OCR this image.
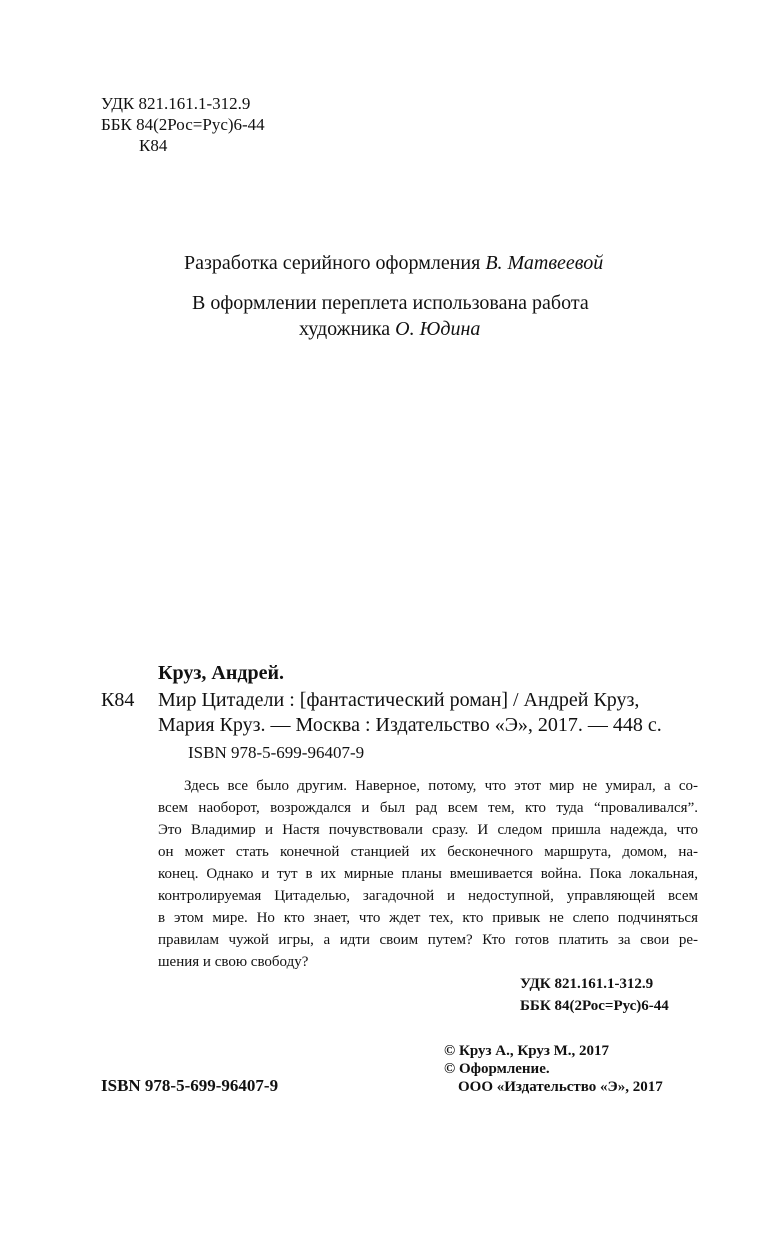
УДК 821.161.1-312.9
ББК 84(2Рос=Рус)6-44
К84
Разработка серийного оформления В. Матвеевой
В оформлении переплета использована работа
художника О. Юдина
Круз, Андрей.
К84 Мир Цитадели : [фантастический роман] / Андрей Круз,
Мария Круз. — Москва : Издательство «Э», 2017. — 448 с.
ISBN 978-5-699-96407-9
Здесь все было другим. Наверное, потому, что этот мир не умирал, а со-
всем наоборот, возрождался и был рад всем тем, кто туда “проваливался”.
Это Владимир и Настя почувствовали сразу. И следом пришла надежда, что
он может стать конечной станцией их бесконечного маршрута, домом, на-
конец. Однако и тут в их мирные планы вмешивается война. Пока локальная,
контролируемая Цитаделью, загадочной и недоступной, управляющей всем
в этом мире. Но кто знает, что ждет тех, кто привык не слепо подчиняться
правилам чужой игры, а идти своим путем? Кто готов платить за свои ре-
шения и свою свободу?
УДК 821.161.1-312.9
ББК 84(2Рос=Рус)6-44
ISBN 978-5-699-96407-9
© Круз А., Круз М., 2017
© Оформление.
ООО «Издательство «Э», 2017
